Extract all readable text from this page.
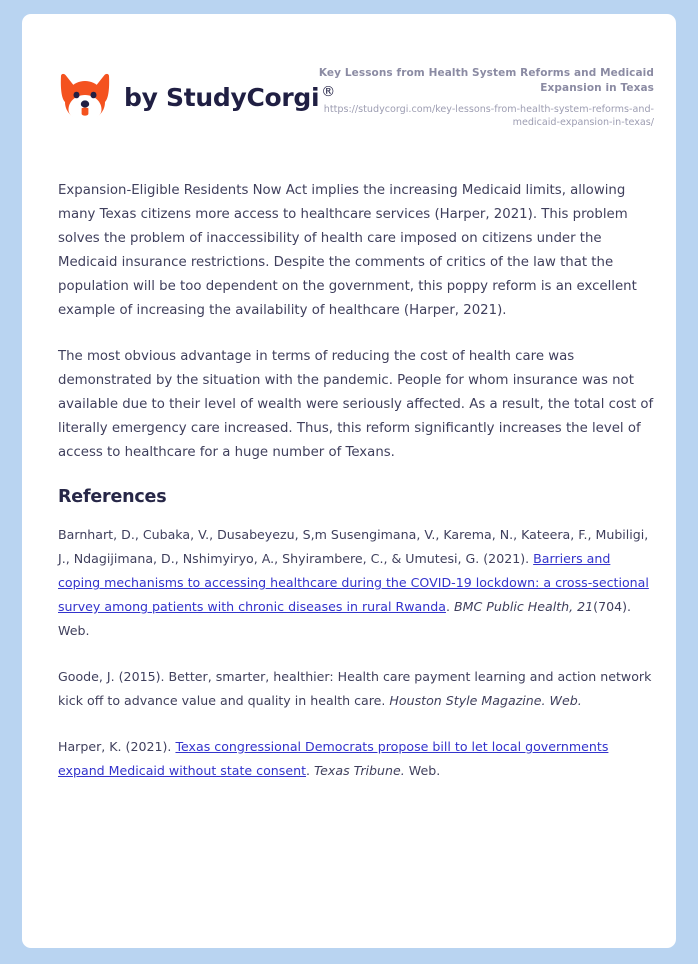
by StudyCorgi ®
Key Lessons from Health System Reforms and Medicaid Expansion in Texas
https://studycorgi.com/key-lessons-from-health-system-reforms-and-medicaid-expansion-in-texas/

Expansion-Eligible Residents Now Act implies the increasing Medicaid limits, allowing many Texas citizens more access to healthcare services (Harper, 2021). This problem solves the problem of inaccessibility of health care imposed on citizens under the Medicaid insurance restrictions. Despite the comments of critics of the law that the population will be too dependent on the government, this poppy reform is an excellent example of increasing the availability of healthcare (Harper, 2021).

The most obvious advantage in terms of reducing the cost of health care was demonstrated by the situation with the pandemic. People for whom insurance was not available due to their level of wealth were seriously affected. As a result, the total cost of literally emergency care increased. Thus, this reform significantly increases the level of access to healthcare for a huge number of Texans.

References

Barnhart, D., Cubaka, V., Dusabeyezu, S,m Susengimana, V., Karema, N., Kateera, F., Mubiligi, J., Ndagijimana, D., Nshimyiryo, A., Shyirambere, C., & Umutesi, G. (2021). Barriers and coping mechanisms to accessing healthcare during the COVID-19 lockdown: a cross-sectional survey among patients with chronic diseases in rural Rwanda. BMC Public Health, 21(704). Web.

Goode, J. (2015). Better, smarter, healthier: Health care payment learning and action network kick off to advance value and quality in health care. Houston Style Magazine. Web.

Harper, K. (2021). Texas congressional Democrats propose bill to let local governments expand Medicaid without state consent. Texas Tribune. Web.
